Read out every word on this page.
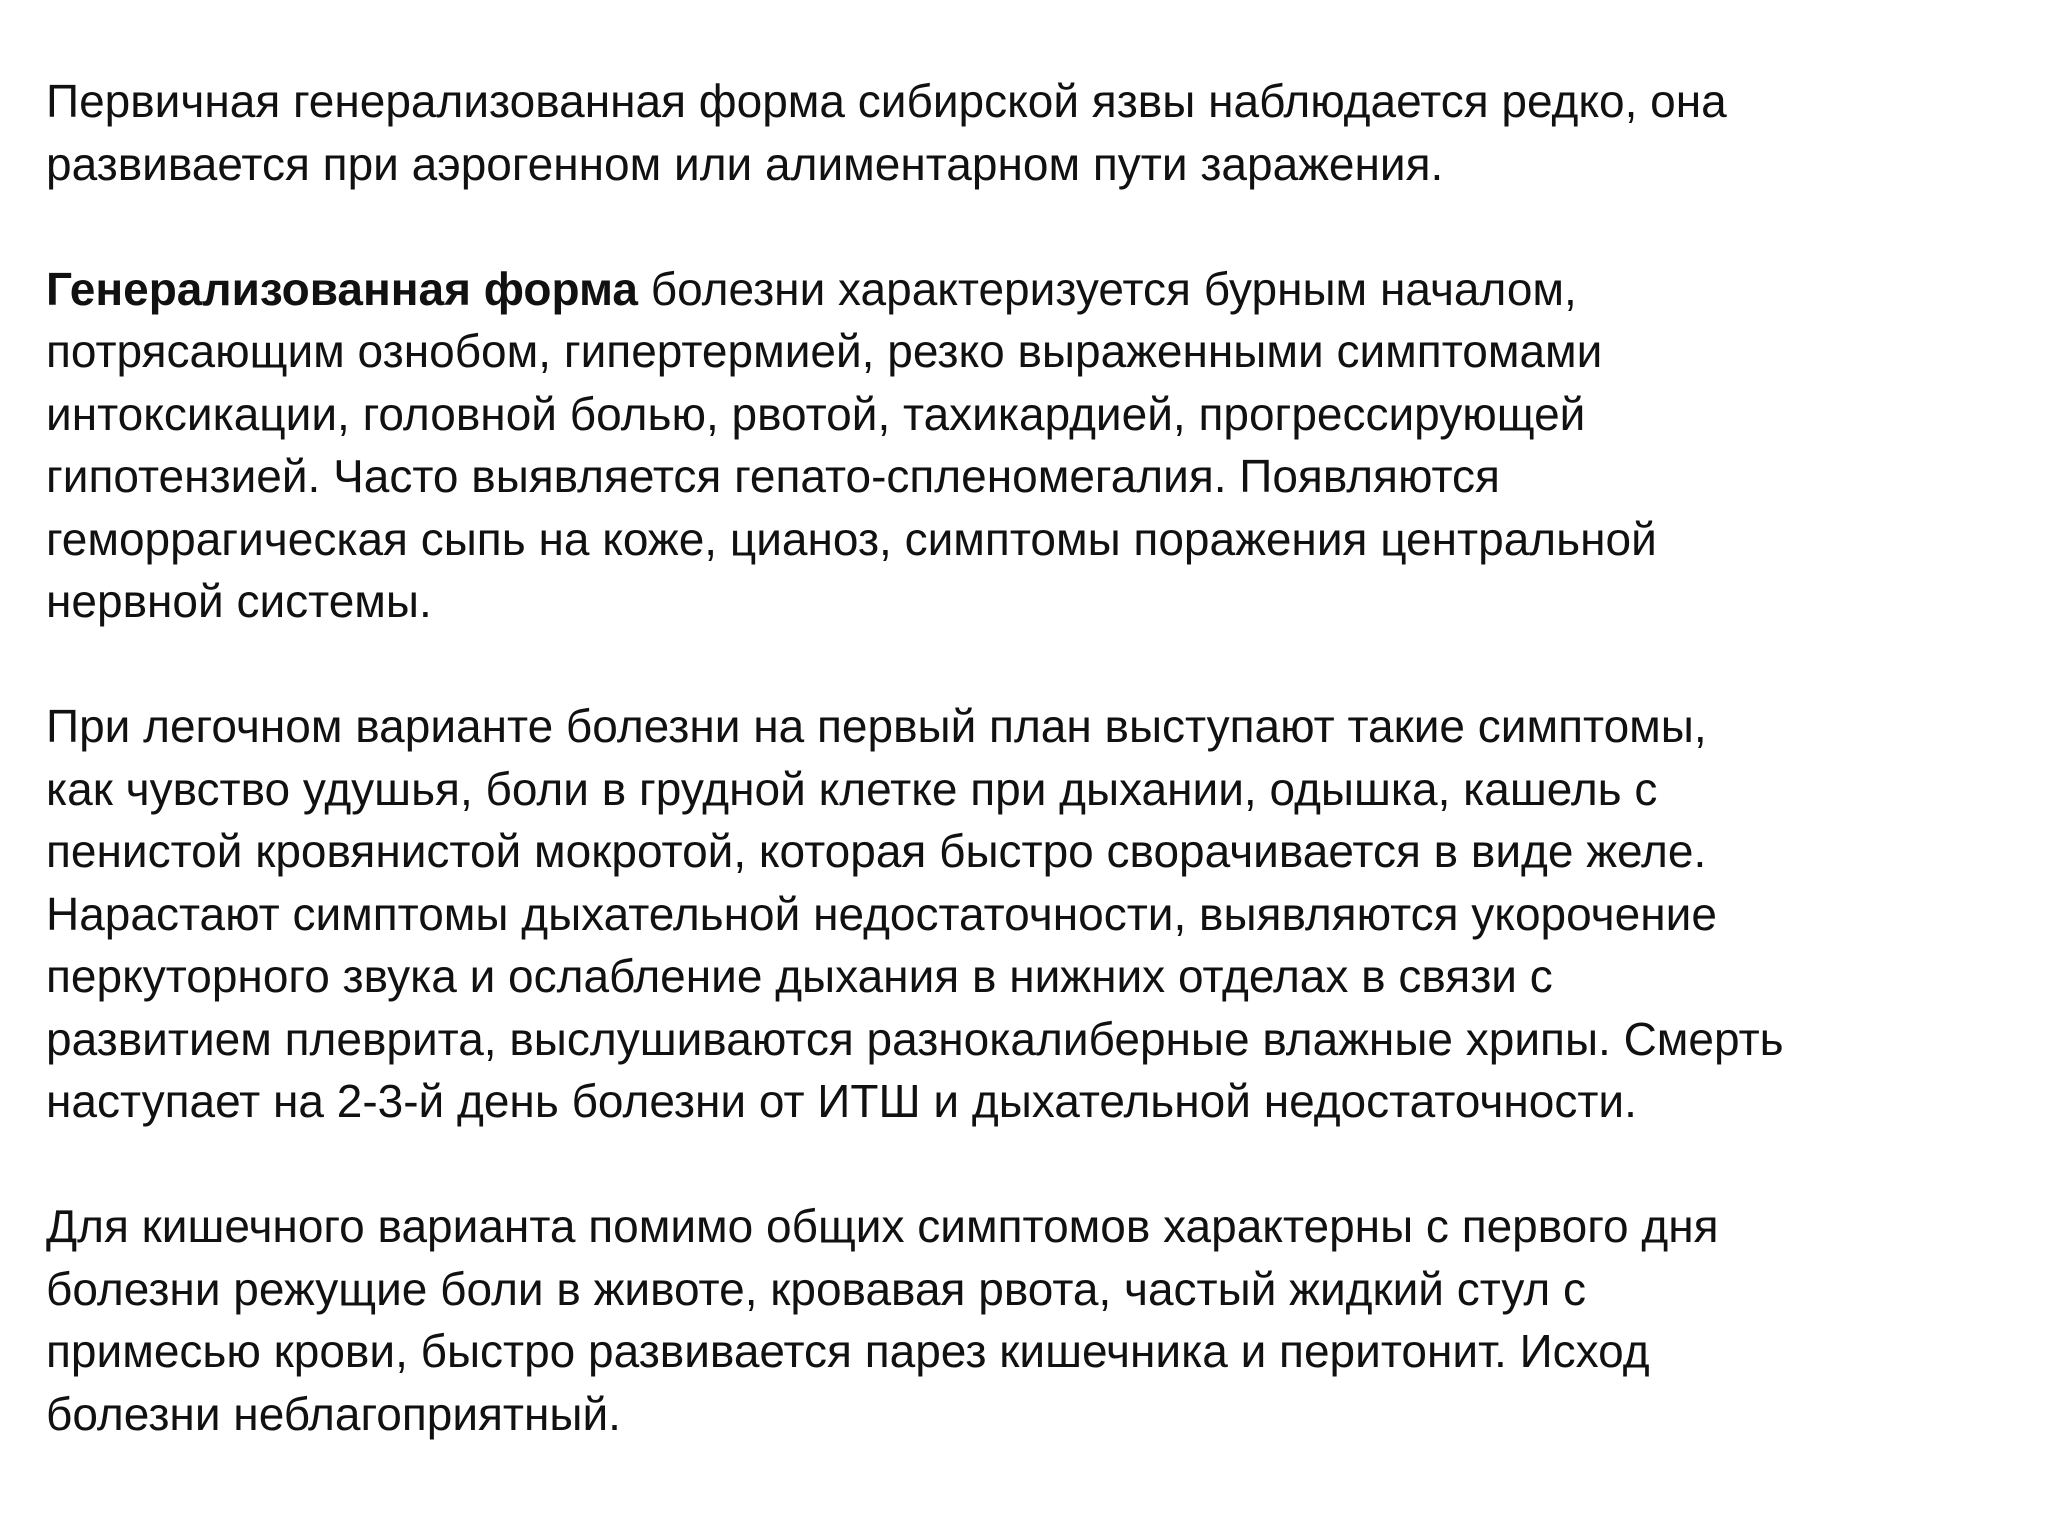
Первичная генерализованная форма сибирской язвы наблюдается редко, она
развивается при аэрогенном или алиментарном пути заражения.

Генерализованная форма болезни характеризуется бурным началом,
потрясающим ознобом, гипертермией, резко выраженными симптомами
интоксикации, головной болью, рвотой, тахикардией, прогрессирующей
гипотензией. Часто выявляется гепато-спленомегалия. Появляются
геморрагическая сыпь на коже, цианоз, симптомы поражения центральной
нервной системы.

При легочном варианте болезни на первый план выступают такие симптомы,
как чувство удушья, боли в грудной клетке при дыхании, одышка, кашель с
пенистой кровянистой мокротой, которая быстро сворачивается в виде желе.
Нарастают симптомы дыхательной недостаточности, выявляются укорочение
перкуторного звука и ослабление дыхания в нижних отделах в связи с
развитием плеврита, выслушиваются разнокалиберные влажные хрипы. Смерть
наступает на 2-3-й день болезни от ИТШ и дыхательной недостаточности.

Для кишечного варианта помимо общих симптомов характерны с первого дня
болезни режущие боли в животе, кровавая рвота, частый жидкий стул с
примесью крови, быстро развивается парез кишечника и перитонит. Исход
болезни неблагоприятный.
